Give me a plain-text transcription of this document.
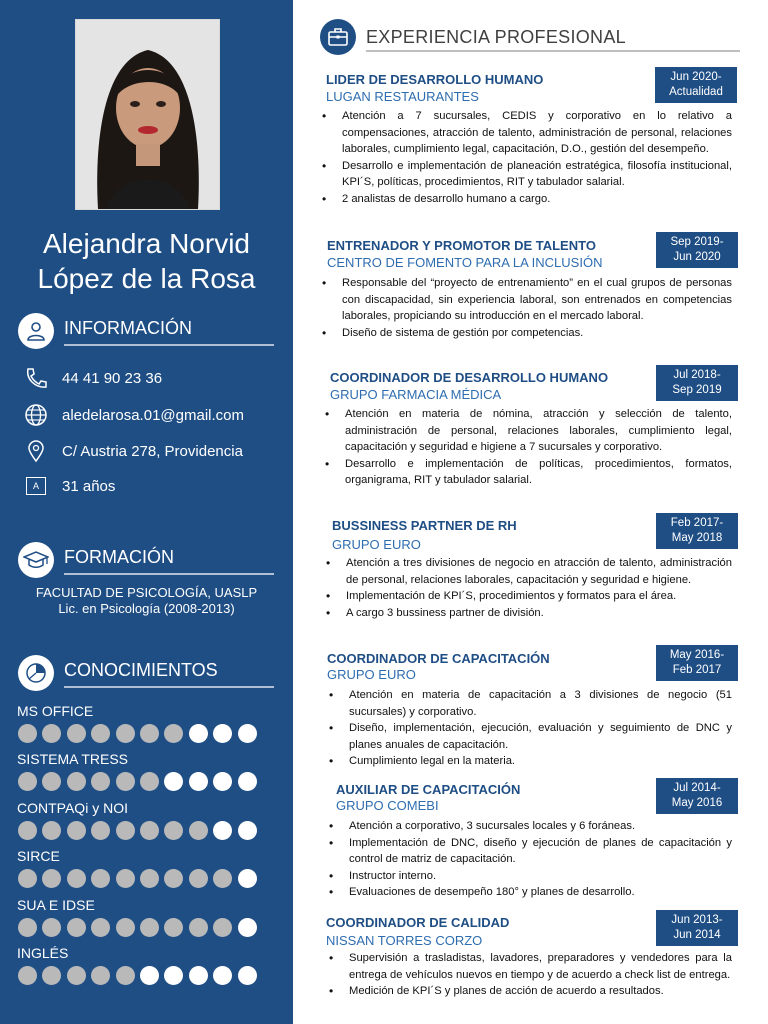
Alejandra Norvid
López de la Rosa
INFORMACIÓN
44 41 90 23 36
aledelarosa.01@gmail.com
C/ Austria 278, Providencia
A	31 años
FORMACIÓN
FACULTAD DE PSICOLOGÍA, UASLP
Lic. en Psicología (2008-2013)
CONOCIMIENTOS
MS OFFICE
SISTEMA TRESS
CONTPAQi y NOI
SIRCE
SUA E IDSE
INGLÉS
EXPERIENCIA PROFESIONAL
LIDER DE DESARROLLO HUMANO
LUGAN RESTAURANTES
Jun 2020-
Actualidad
• Atención a 7 sucursales, CEDIS y corporativo en lo relativo a compensaciones, atracción de talento, administración de personal, relaciones laborales, cumplimiento legal, capacitación, D.O., gestión del desempeño.
• Desarrollo e implementación de planeación estratégica, filosofía institucional, KPI´S, políticas, procedimientos, RIT y tabulador salarial.
• 2 analistas de desarrollo humano a cargo.
ENTRENADOR Y PROMOTOR DE TALENTO
CENTRO DE FOMENTO PARA LA INCLUSIÓN
Sep 2019-
Jun 2020
• Responsable del “proyecto de entrenamiento” en el cual grupos de personas con discapacidad, sin experiencia laboral, son entrenados en competencias laborales, propiciando su introducción en el mercado laboral.
• Diseño de sistema de gestión por competencias.
COORDINADOR DE DESARROLLO HUMANO
GRUPO FARMACIA MÉDICA
Jul 2018-
Sep 2019
• Atención en materia de nómina, atracción y selección de talento, administración de personal, relaciones laborales, cumplimiento legal, capacitación y seguridad e higiene a 7 sucursales y corporativo.
• Desarrollo e implementación de políticas, procedimientos, formatos, organigrama, RIT y tabulador salarial.
BUSSINESS PARTNER DE RH
GRUPO EURO
Feb 2017-
May 2018
• Atención a tres divisiones de negocio en atracción de talento, administración de personal, relaciones laborales, capacitación y seguridad e higiene.
• Implementación de KPI´S, procedimientos y formatos para el área.
• A cargo 3 bussiness partner de división.
COORDINADOR DE CAPACITACIÓN
GRUPO EURO
May 2016-
Feb 2017
• Atención en materia de capacitación a 3 divisiones de negocio (51 sucursales) y corporativo.
• Diseño, implementación, ejecución, evaluación y seguimiento de DNC y planes anuales de capacitación.
• Cumplimiento legal en la materia.
AUXILIAR DE CAPACITACIÓN
GRUPO COMEBI
Jul 2014-
May 2016
• Atención a corporativo, 3 sucursales locales y 6 foráneas.
• Implementación de DNC, diseño y ejecución de planes de capacitación y control de matriz de capacitación.
• Instructor interno.
• Evaluaciones de desempeño 180° y planes de desarrollo.
COORDINADOR DE CALIDAD
NISSAN TORRES CORZO
Jun 2013-
Jun 2014
• Supervisión a trasladistas, lavadores, preparadores y vendedores para la entrega de vehículos nuevos en tiempo y de acuerdo a check list de entrega.
• Medición de KPI´S y planes de acción de acuerdo a resultados.
